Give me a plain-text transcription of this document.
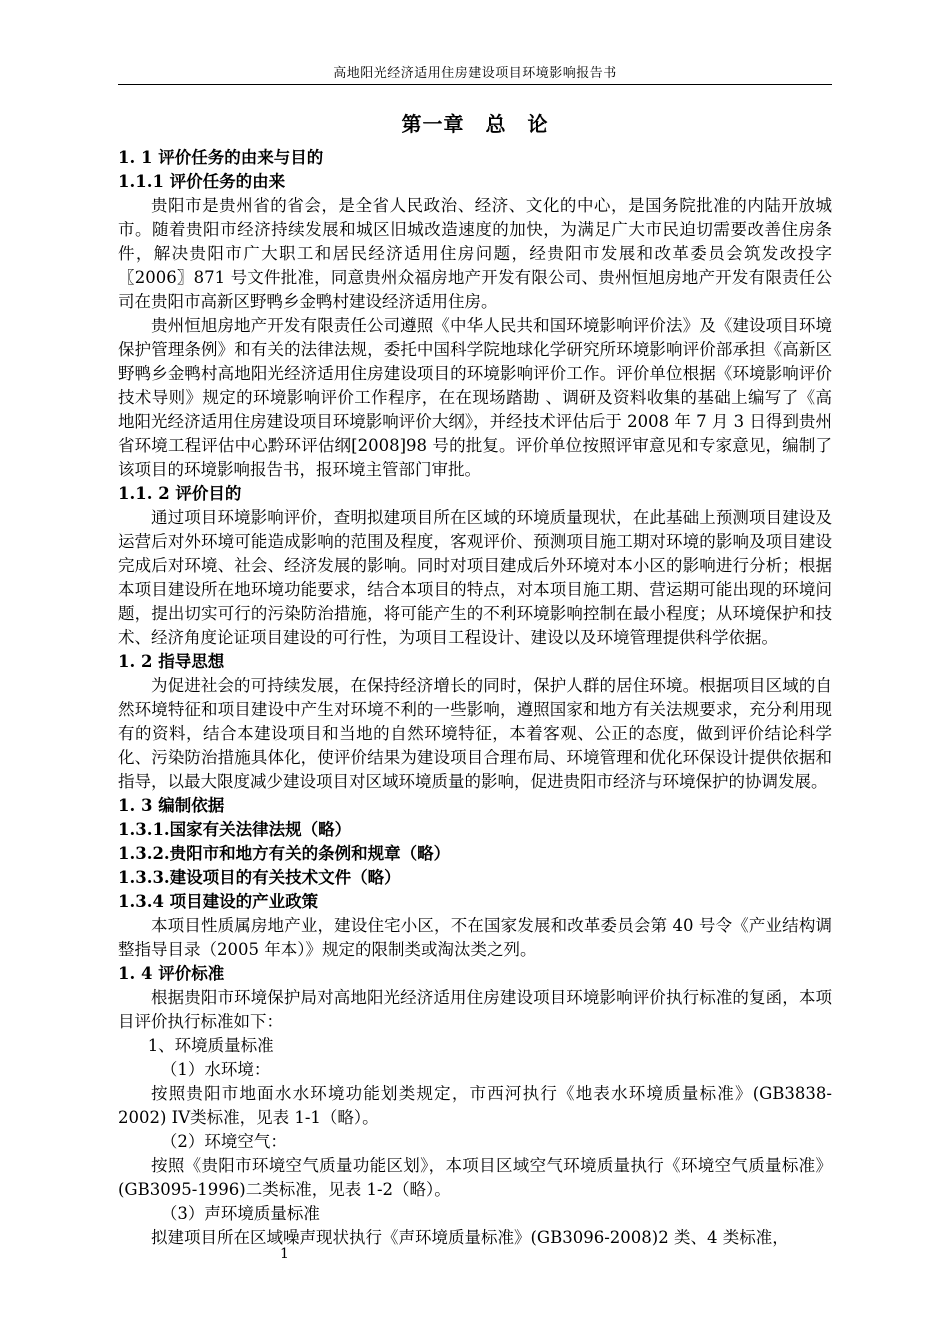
高地阳光经济适用住房建设项目环境影响报告书
第一章　总　论
1. 1 评价任务的由来与目的
1.1.1 评价任务的由来

贵阳市是贵州省的省会，是全省人民政治、经济、文化的中心，是国务院批准的内陆开放城市。随着贵阳市经济持续发展和城区旧城改造速度的加快，为满足广大市民迫切需要改善住房条件，解决贵阳市广大职工和居民经济适用住房问题，经贵阳市发展和改革委员会筑发改投字〖2006〗871 号文件批准，同意贵州众福房地产开发有限公司、贵州恒旭房地产开发有限责任公司在贵阳市高新区野鸭乡金鸭村建设经济适用住房。

贵州恒旭房地产开发有限责任公司遵照《中华人民共和国环境影响评价法》及《建设项目环境保护管理条例》和有关的法律法规，委托中国科学院地球化学研究所环境影响评价部承担《高新区野鸭乡金鸭村高地阳光经济适用住房建设项目的环境影响评价工作。评价单位根据《环境影响评价技术导则》规定的环境影响评价工作程序，在在现场踏勘 、调研及资料收集的基础上编写了《高地阳光经济适用住房建设项目环境影响评价大纲》，并经技术评估后于 2008 年 7 月 3 日得到贵州省环境工程评估中心黔环评估纲[2008]98 号的批复。评价单位按照评审意见和专家意见，编制了该项目的环境影响报告书，报环境主管部门审批。

1.1. 2 评价目的

通过项目环境影响评价，查明拟建项目所在区域的环境质量现状，在此基础上预测项目建设及运营后对外环境可能造成影响的范围及程度，客观评价、预测项目施工期对环境的影响及项目建设完成后对环境、社会、经济发展的影响。同时对项目建成后外环境对本小区的影响进行分析；根据本项目建设所在地环境功能要求，结合本项目的特点，对本项目施工期、营运期可能出现的环境问题，提出切实可行的污染防治措施，将可能产生的不利环境影响控制在最小程度；从环境保护和技术、经济角度论证项目建设的可行性，为项目工程设计、建设以及环境管理提供科学依据。

1. 2 指导思想

为促进社会的可持续发展，在保持经济增长的同时，保护人群的居住环境。根据项目区域的自然环境特征和项目建设中产生对环境不利的一些影响，遵照国家和地方有关法规要求，充分利用现有的资料，结合本建设项目和当地的自然环境特征，本着客观、公正的态度，做到评价结论科学化、污染防治措施具体化，使评价结果为建设项目合理布局、环境管理和优化环保设计提供依据和指导，以最大限度减少建设项目对区域环境质量的影响，促进贵阳市经济与环境保护的协调发展。

1. 3 编制依据
1.3.1.国家有关法律法规（略）
1.3.2.贵阳市和地方有关的条例和规章（略）
1.3.3.建设项目的有关技术文件（略）
1.3.4 项目建设的产业政策

本项目性质属房地产业，建设住宅小区，不在国家发展和改革委员会第 40 号令《产业结构调整指导目录（2005 年本）》规定的限制类或淘汰类之列。

1. 4 评价标准

根据贵阳市环境保护局对高地阳光经济适用住房建设项目环境影响评价执行标准的复函，本项目评价执行标准如下：

1、环境质量标准
（1）水环境：

按照贵阳市地面水水环境功能划类规定，市西河执行《地表水环境质量标准》(GB3838-2002) IV类标准，见表 1-1（略）。

（2）环境空气：

按照《贵阳市环境空气质量功能区划》，本项目区域空气环境质量执行《环境空气质量标准》(GB3095-1996)二类标准，见表 1-2（略）。

（3）声环境质量标准

拟建项目所在区域噪声现状执行《声环境质量标准》(GB3096-2008)2 类、4 类标准，

1
